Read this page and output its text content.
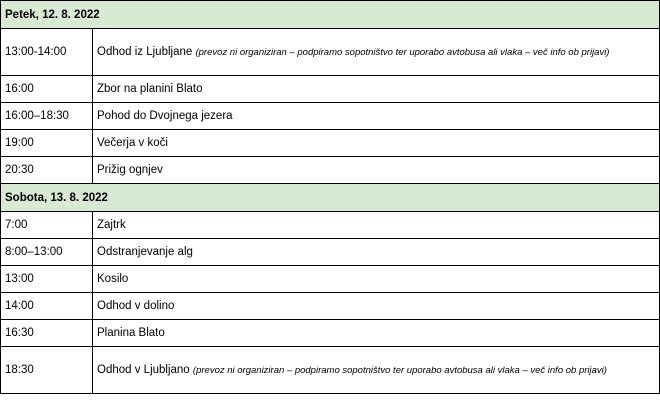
Petek, 12. 8. 2022	
13:00-14:00	Odhod iz Ljubljane (prevoz ni organiziran – podpiramo sopotništvo ter uporabo avtobusa ali vlaka – več info ob prijavi)
16:00	Zbor na planini Blato
16:00–18:30	Pohod do Dvojnega jezera
19:00	Večerja v koči
20:30	Prižig ognjev
Sobota, 13. 8. 2022	
7:00	Zajtrk
8:00–13:00	Odstranjevanje alg
13:00	Kosilo
14:00	Odhod v dolino
16:30	Planina Blato
18:30	Odhod v Ljubljano (prevoz ni organiziran – podpiramo sopotništvo ter uporabo avtobusa ali vlaka – več info ob prijavi)
